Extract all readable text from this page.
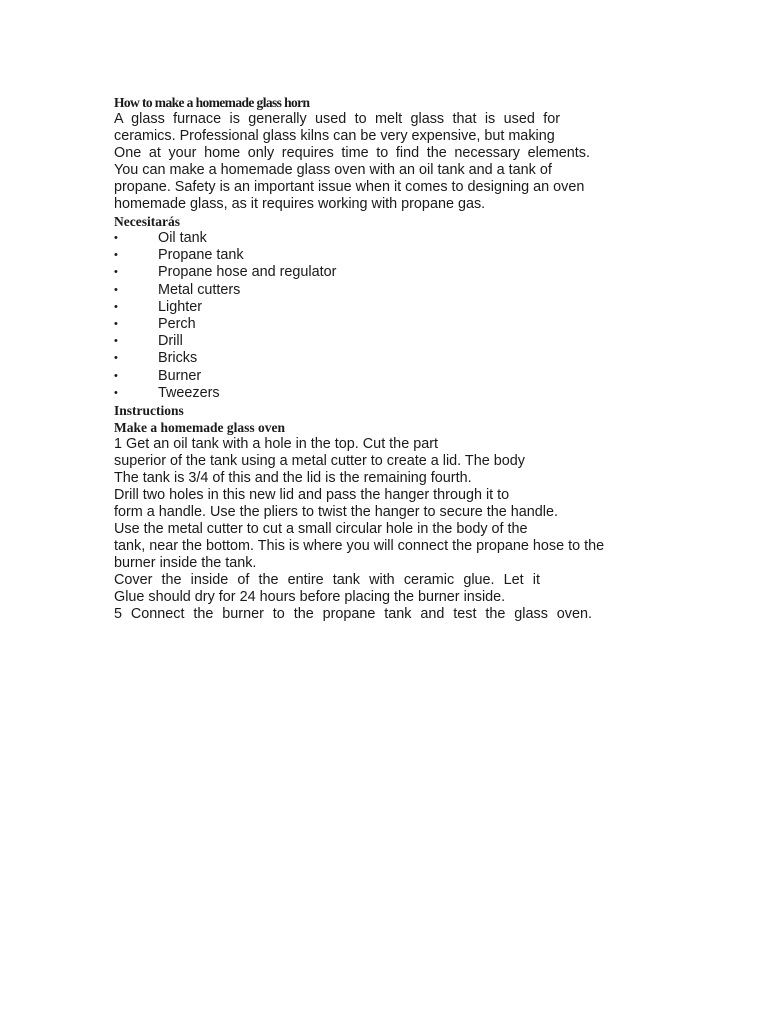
How to make a homemade glass horn
A glass furnace is generally used to melt glass that is used for
ceramics. Professional glass kilns can be very expensive, but making
One at your home only requires time to find the necessary elements.
You can make a homemade glass oven with an oil tank and a tank of
propane. Safety is an important issue when it comes to designing an oven
homemade glass, as it requires working with propane gas.
Necesitarás
•	Oil tank
•	Propane tank
•	Propane hose and regulator
•	Metal cutters
•	Lighter
•	Perch
•	Drill
•	Bricks
•	Burner
•	Tweezers
Instructions
Make a homemade glass oven
1 Get an oil tank with a hole in the top. Cut the part
superior of the tank using a metal cutter to create a lid. The body
The tank is 3/4 of this and the lid is the remaining fourth.
Drill two holes in this new lid and pass the hanger through it to
form a handle. Use the pliers to twist the hanger to secure the handle.
Use the metal cutter to cut a small circular hole in the body of the
tank, near the bottom. This is where you will connect the propane hose to the
burner inside the tank.
Cover the inside of the entire tank with ceramic glue. Let it
Glue should dry for 24 hours before placing the burner inside.
5 Connect the burner to the propane tank and test the glass oven.
